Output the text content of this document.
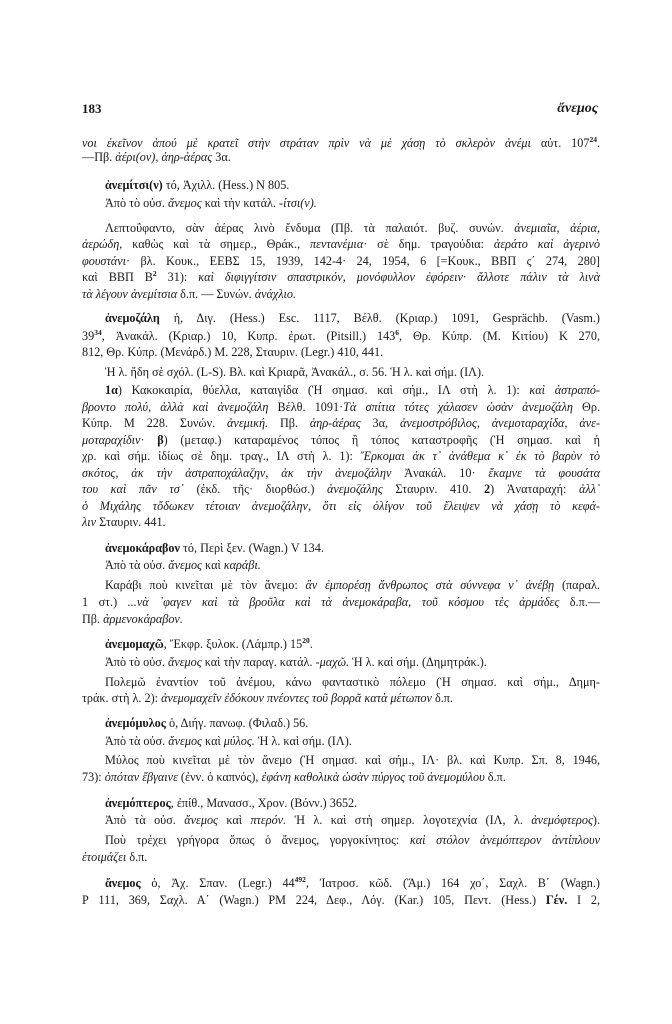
183	ἄνεμος
νοι ἐκεῖνον ἀπού μὲ κρατεῖ στὴν στράταν πρὶν νὰ μὲ χάσῃ τὸ σκλερὸν ἀνέμι αὐτ. $107^{24}$.
—Πβ. ἀέρι(ον), ἀηρ-ἀέρας 3α.
ἀνεμίτσι(ν) τό, Ἀχιλλ. (Hess.) Ν 805.
Ἀπὸ τὸ οὐσ. ἄνεμος καὶ τὴν κατάλ. -ίτσι(ν).
Λεπτοΰφαντο, σὰν ἀέρας λινὸ ἔνδυμα (Πβ. τὰ παλαιότ. βυζ. συνών. ἀνεμιαῖα, ἀέρια,
ἀερώδη, καθὼς καὶ τὰ σημερ., Θράκ., πεντανέμια· σὲ δημ. τραγούδια: ἀεράτο καὶ ἀγερινὸ
φουστάνι· βλ. Κουκ., ΕΕΒΣ 15, 1939, 142-4· 24, 1954, 6 [=Κουκ., ΒΒΠ ς΄ 274, 280]
καὶ ΒΒΠ $B^2$ 31): καὶ διφιγγίτσιν σπαστρικόν, μονόφυλλον ἐφόρειν· ἄλλοτε πάλιν τὰ λινὰ
τὰ λέγουν ἀνεμίτσια δ.π. — Συνών. ἀνάχλιο.
ἀνεμοζάλη ἡ, Διγ. (Hess.) Esc. 1117, Βέλθ. (Κριαρ.) 1091, Gesprächb. (Vasm.)
$39^{34}$, Ἀνακάλ. (Κριαρ.) 10, Κυπρ. ἐρωτ. (Pitsill.) $143^6$, Θρ. Κύπρ. (Μ. Κιτίου) Κ 270,
812, Θρ. Κύπρ. (Μενάρδ.) Μ. 228, Σταυριν. (Legr.) 410, 441.
Ἡ λ. ἤδη σὲ σχόλ. (L-S). Βλ. καὶ Κριαρᾶ, Ἀνακάλ., σ. 56. Ἡ λ. καὶ σήμ. (ΙΛ).
1α) Κακοκαιρία, θύελλα, καταιγίδα (Ἡ σημασ. καὶ σήμ., ΙΛ στὴ λ. 1): καὶ ἀστραπό-
βροντο πολύ, ἀλλὰ καὶ ἀνεμοζάλη Βέλθ. 1091·Τὰ σπίτια τότες χάλασεν ὡσὰν ἀνεμοζάλη Θρ.
Κύπρ. Μ 228. Συνών. ἀνεμική. Πβ. ἀηρ-ἀέρας 3α, ἀνεμοστρόβιλος, ἀνεμοταραχίδα, ἀνε-
μοταραχίδιν· β) (μεταφ.) καταραμένος τόπος ἢ τόπος καταστροφῆς (Ἡ σημασ. καὶ ἡ
χρ. καὶ σήμ. ἰδίως σὲ δημ. τραγ., ΙΛ στὴ λ. 1): Ἔρκομαι ἀκ τ᾽ ἀνάθεμα κ᾽ ἐκ τὸ βαρὺν τὸ
σκότος, ἀκ τὴν ἀστραποχάλαζην, ἀκ τὴν ἀνεμοζάλην Ἀνακάλ. 10· ἔκαμνε τὰ φουσάτα
του καὶ πᾶν τσ᾽ (ἐκδ. τῆς· διορθώσ.) ἀνεμοζάλης Σταυριν. 410. 2) Ἀναταραχή: ἀλλ᾽
ὁ Μιχάλης τὄδωκεν τέτοιαν ἀνεμοζάλην, ὅτι εἰς ὀλίγον τοῦ ἔλειψεν νὰ χάσῃ τὸ κεφά-
λιν Σταυριν. 441.
ἀνεμοκάραβον τό, Περὶ ξεν. (Wagn.) V 134.
Ἀπὸ τὰ οὐσ. ἄνεμος καὶ καράβι.
Καράβι ποὺ κινεῖται μὲ τὸν ἄνεμο: ἂν ἐμπορέσῃ ἄνθρωπος στὰ σύννεφα ν᾽ ἀνέβῃ (παραλ.
1 στ.) ...νὰ ᾽φαγεν καὶ τὰ βροῦλα καὶ τὰ ἀνεμοκάραβα, τοῦ κόσμου τὲς ἀρμάδες δ.π.—
Πβ. ἀρμενοκάραβον.
ἀνεμομαχῶ, Ἔκφρ. ξυλοκ. (Λάμπρ.) $15^{20}$.
Ἀπὸ τὸ οὐσ. ἄνεμος καὶ τὴν παραγ. κατάλ. -μαχῶ. Ἡ λ. καὶ σήμ. (Δημητράκ.).
Πολεμῶ ἐναντίον τοῦ ἀνέμου, κάνω φανταστικὸ πόλεμο (Ἡ σημασ. καὶ σήμ., Δημη-
τράκ. στὴ λ. 2): ἀνεμομαχεῖν ἐδόκουν πνέοντες τοῦ βορρᾶ κατὰ μέτωπον δ.π.
ἀνεμόμυλος ὁ, Διήγ. πανωφ. (Φιλαδ.) 56.
Ἀπὸ τὰ οὐσ. ἄνεμος καὶ μύλος. Ἡ λ. καὶ σήμ. (ΙΛ).
Μύλος ποὺ κινεῖται μὲ τὸν ἄνεμο (Ἡ σημασ. καὶ σήμ., ΙΛ· βλ. καὶ Κυπρ. Σπ. 8, 1946,
73): ὁπόταν ἔβγαινε (ἐνν. ὁ καπνός), ἐφάνη καθολικὰ ὡσὰν πύργος τοῦ ἀνεμομύλου δ.π.
ἀνεμόπτερος, ἐπίθ., Μανασσ., Χρον. (Βόνν.) 3652.
Ἀπὸ τὰ οὐσ. ἄνεμος καὶ πτερόν. Ἡ λ. καὶ στὴ σημερ. λογοτεχνία (ΙΛ, λ. ἀνεμόφτερος).
Ποὺ τρέχει γρήγορα ὅπως ὁ ἄνεμος, γοργοκίνητος: καὶ στόλον ἀνεμόπτερον ἀντίπλουν
ἑτοιμάζει δ.π.
ἄνεμος ὁ, Ἀχ. Σπαν. (Legr.) $44^{492}$, Ἰατροσ. κῶδ. (Ἄμ.) 164 χο΄, Σαχλ. Β΄ (Wagn.)
Ρ 111, 369, Σαχλ. Α΄ (Wagn.) ΡΜ 224, Δεφ., Λόγ. (Kar.) 105, Πεντ. (Hess.) Γέν. Ι 2,
